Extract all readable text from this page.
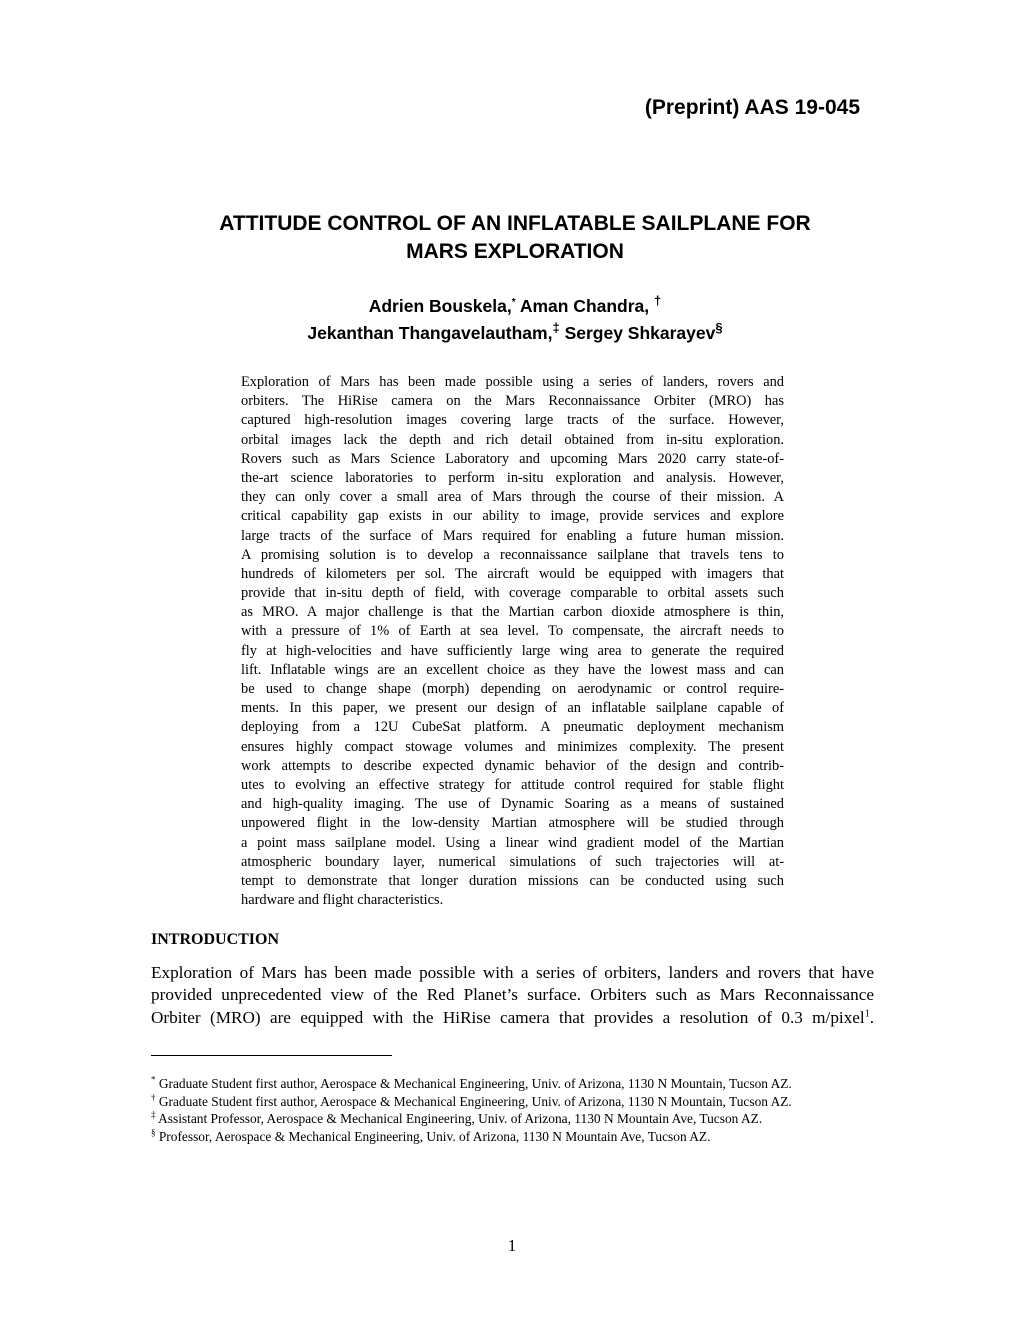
(Preprint) AAS 19-045
ATTITUDE CONTROL OF AN INFLATABLE SAILPLANE FOR
MARS EXPLORATION
Adrien Bouskela,* Aman Chandra, †
Jekanthan Thangavelautham,‡ Sergey Shkarayev§
Exploration of Mars has been made possible using a series of landers, rovers and
orbiters. The HiRise camera on the Mars Reconnaissance Orbiter (MRO) has
captured high-resolution images covering large tracts of the surface. However,
orbital images lack the depth and rich detail obtained from in-situ exploration.
Rovers such as Mars Science Laboratory and upcoming Mars 2020 carry state-of-
the-art science laboratories to perform in-situ exploration and analysis. However,
they can only cover a small area of Mars through the course of their mission. A
critical capability gap exists in our ability to image, provide services and explore
large tracts of the surface of Mars required for enabling a future human mission.
A promising solution is to develop a reconnaissance sailplane that travels tens to
hundreds of kilometers per sol. The aircraft would be equipped with imagers that
provide that in-situ depth of field, with coverage comparable to orbital assets such
as MRO. A major challenge is that the Martian carbon dioxide atmosphere is thin,
with a pressure of 1% of Earth at sea level. To compensate, the aircraft needs to
fly at high-velocities and have sufficiently large wing area to generate the required
lift. Inflatable wings are an excellent choice as they have the lowest mass and can
be used to change shape (morph) depending on aerodynamic or control require-
ments. In this paper, we present our design of an inflatable sailplane capable of
deploying from a 12U CubeSat platform. A pneumatic deployment mechanism
ensures highly compact stowage volumes and minimizes complexity. The present
work attempts to describe expected dynamic behavior of the design and contrib-
utes to evolving an effective strategy for attitude control required for stable flight
and high-quality imaging. The use of Dynamic Soaring as a means of sustained
unpowered flight in the low-density Martian atmosphere will be studied through
a point mass sailplane model. Using a linear wind gradient model of the Martian
atmospheric boundary layer, numerical simulations of such trajectories will at-
tempt to demonstrate that longer duration missions can be conducted using such
hardware and flight characteristics.
INTRODUCTION
Exploration of Mars has been made possible with a series of orbiters, landers and rovers that have
provided unprecedented view of the Red Planet’s surface. Orbiters such as Mars Reconnaissance
Orbiter (MRO) are equipped with the HiRise camera that provides a resolution of 0.3 m/pixel$^1$.
* Graduate Student first author, Aerospace & Mechanical Engineering, Univ. of Arizona, 1130 N Mountain, Tucson AZ.
† Graduate Student first author, Aerospace & Mechanical Engineering, Univ. of Arizona, 1130 N Mountain, Tucson AZ.
‡ Assistant Professor, Aerospace & Mechanical Engineering, Univ. of Arizona, 1130 N Mountain Ave, Tucson AZ.
§ Professor, Aerospace & Mechanical Engineering, Univ. of Arizona, 1130 N Mountain Ave, Tucson AZ.
1
